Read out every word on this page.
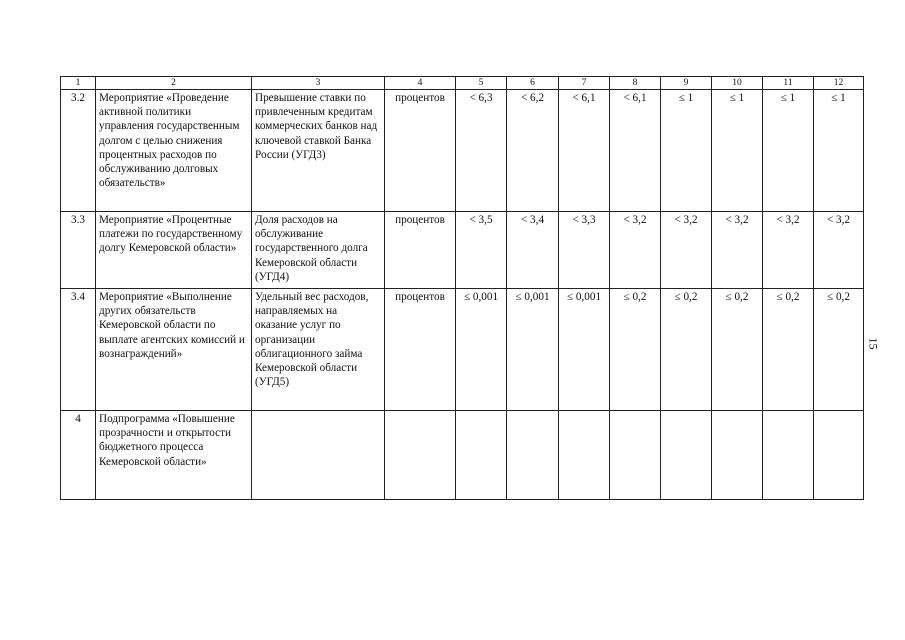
1	2	3	4	5	6	7	8	9	10	11	12
3.2	Мероприятие «Проведение активной политики управления государственным долгом с целью снижения процентных расходов по обслуживанию долговых обязательств»	Превышение ставки по привлеченным кредитам коммерческих банков над ключевой ставкой Банка России (УГД3)	процентов	< 6,3	< 6,2	< 6,1	< 6,1	≤ 1	≤ 1	≤ 1	≤ 1
3.3	Мероприятие «Процентные платежи по государственному долгу Кемеровской области»	Доля расходов на обслуживание государственного долга Кемеровской области (УГД4)	процентов	< 3,5	< 3,4	< 3,3	< 3,2	< 3,2	< 3,2	< 3,2	< 3,2
3.4	Мероприятие «Выполнение других обязательств Кемеровской области по выплате агентских комиссий и вознаграждений»	Удельный вес расходов, направляемых на оказание услуг по организации облигационного займа Кемеровской области (УГД5)	процентов	≤ 0,001	≤ 0,001	≤ 0,001	≤ 0,2	≤ 0,2	≤ 0,2	≤ 0,2	≤ 0,2
4	Подпрограмма «Повышение прозрачности и открытости бюджетного процесса Кемеровской области»										
15
